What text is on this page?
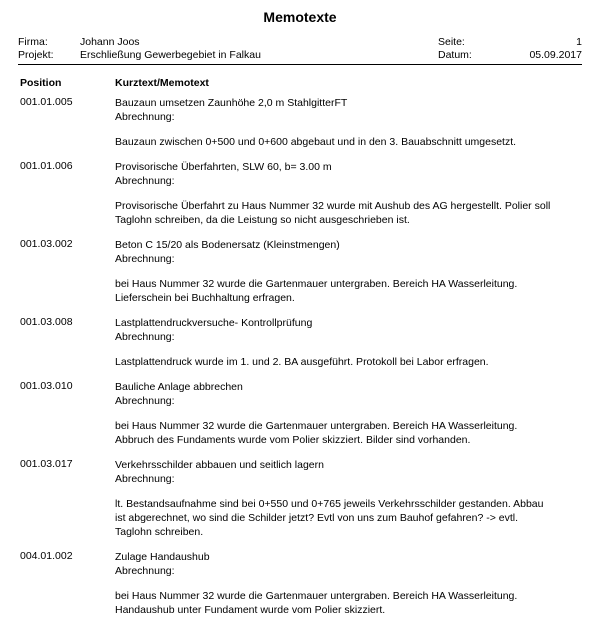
Memotexte
Firma:	Johann Joos
Projekt:	Erschließung Gewerbegebiet in Falkau
Seite:	1
Datum:	05.09.2017
Position	Kurztext/Memotext
001.01.005	Bauzaun umsetzen Zaunhöhe 2,0 m StahlgitterFT
Abrechnung:
Bauzaun zwischen 0+500 und 0+600 abgebaut und in den 3. Bauabschnitt umgesetzt.
001.01.006	Provisorische Überfahrten, SLW 60, b= 3.00 m
Abrechnung:
Provisorische Überfahrt zu Haus Nummer 32 wurde mit Aushub des AG hergestellt. Polier soll
Taglohn schreiben, da die Leistung so nicht ausgeschrieben ist.
001.03.002	Beton C 15/20 als Bodenersatz (Kleinstmengen)
Abrechnung:
bei Haus Nummer 32 wurde die Gartenmauer untergraben. Bereich HA Wasserleitung.
Lieferschein bei Buchhaltung erfragen.
001.03.008	Lastplattendruckversuche- Kontrollprüfung
Abrechnung:
Lastplattendruck wurde im 1. und 2. BA ausgeführt. Protokoll bei Labor erfragen.
001.03.010	Bauliche Anlage abbrechen
Abrechnung:
bei Haus Nummer 32 wurde die Gartenmauer untergraben. Bereich HA Wasserleitung.
Abbruch des Fundaments wurde vom Polier skizziert. Bilder sind vorhanden.
001.03.017	Verkehrsschilder abbauen und seitlich lagern
Abrechnung:
lt. Bestandsaufnahme sind bei 0+550 und 0+765 jeweils Verkehrsschilder gestanden. Abbau
ist abgerechnet, wo sind die Schilder jetzt? Evtl von uns zum Bauhof gefahren? -> evtl.
Taglohn schreiben.
004.01.002	Zulage Handaushub
Abrechnung:
bei Haus Nummer 32 wurde die Gartenmauer untergraben. Bereich HA Wasserleitung.
Handaushub unter Fundament wurde vom Polier skizziert.
